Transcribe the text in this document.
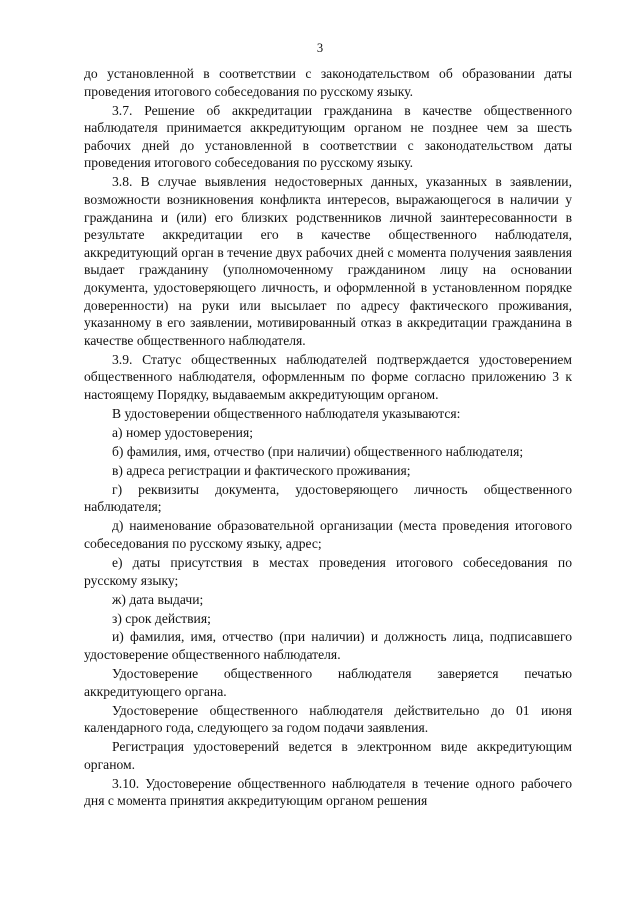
3

до установленной в соответствии с законодательством об образовании даты проведения итогового собеседования по русскому языку.

3.7. Решение об аккредитации гражданина в качестве общественного наблюдателя принимается аккредитующим органом не позднее чем за шесть рабочих дней до установленной в соответствии с законодательством даты проведения итогового собеседования по русскому языку.

3.8. В случае выявления недостоверных данных, указанных в заявлении, возможности возникновения конфликта интересов, выражающегося в наличии у гражданина и (или) его близких родственников личной заинтересованности в результате аккредитации его в качестве общественного наблюдателя, аккредитующий орган в течение двух рабочих дней с момента получения заявления выдает гражданину (уполномоченному гражданином лицу на основании документа, удостоверяющего личность, и оформленной в установленном порядке доверенности) на руки или высылает по адресу фактического проживания, указанному в его заявлении, мотивированный отказ в аккредитации гражданина в качестве общественного наблюдателя.

3.9. Статус общественных наблюдателей подтверждается удостоверением общественного наблюдателя, оформленным по форме согласно приложению 3 к настоящему Порядку, выдаваемым аккредитующим органом.

В удостоверении общественного наблюдателя указываются:

а) номер удостоверения;

б) фамилия, имя, отчество (при наличии) общественного наблюдателя;

в) адреса регистрации и фактического проживания;

г) реквизиты документа, удостоверяющего личность общественного наблюдателя;

д) наименование образовательной организации (места проведения итогового собеседования по русскому языку, адрес;

е) даты присутствия в местах проведения итогового собеседования по русскому языку;

ж) дата выдачи;

з) срок действия;

и) фамилия, имя, отчество (при наличии) и должность лица, подписавшего удостоверение общественного наблюдателя.

Удостоверение общественного наблюдателя заверяется печатью аккредитующего органа.

Удостоверение общественного наблюдателя действительно до 01 июня календарного года, следующего за годом подачи заявления.

Регистрация удостоверений ведется в электронном виде аккредитующим органом.

3.10. Удостоверение общественного наблюдателя в течение одного рабочего дня с момента принятия аккредитующим органом решения
